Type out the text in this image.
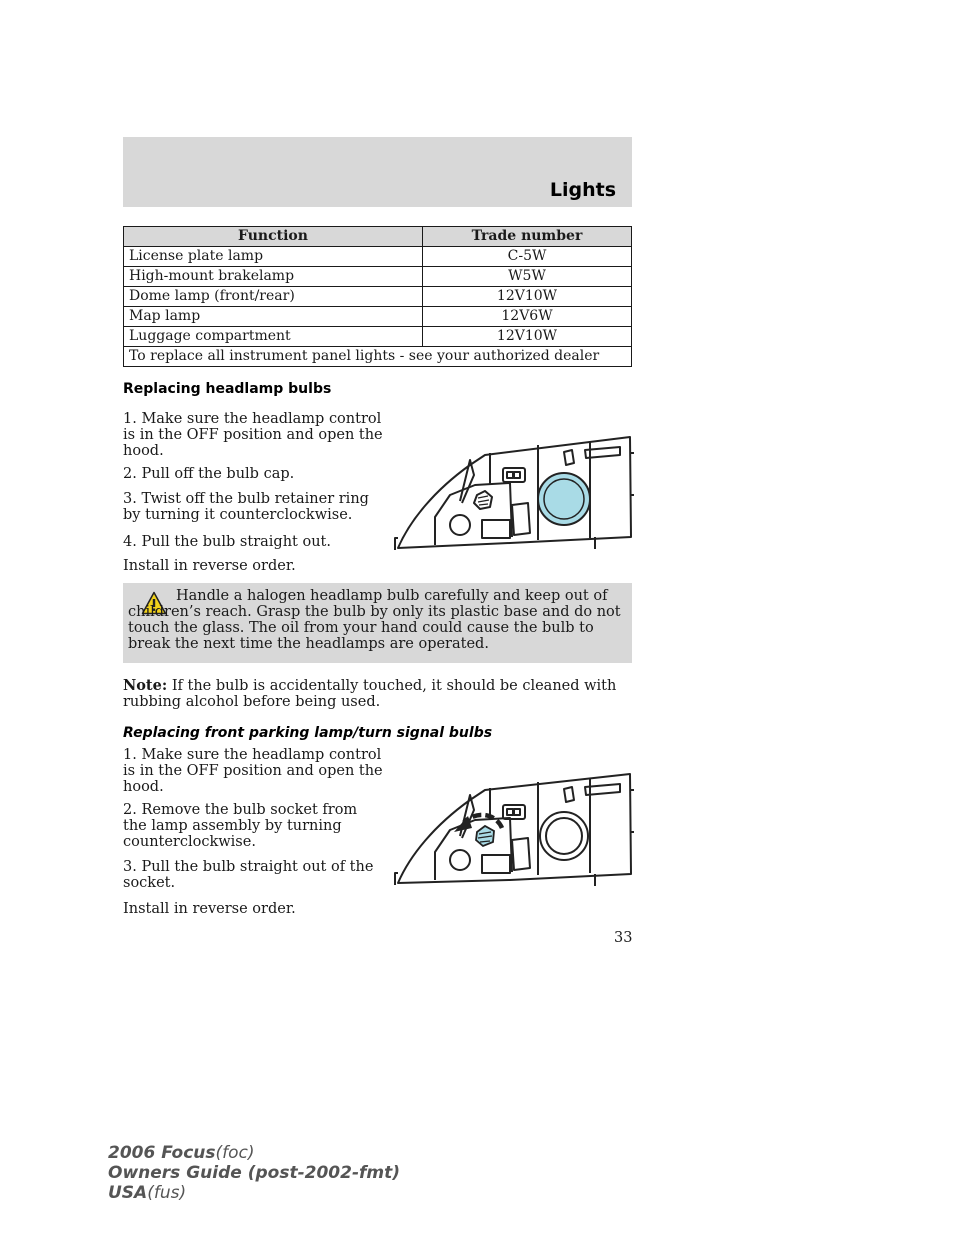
Lights
Function	Trade number
License plate lamp	C-5W
High-mount brakelamp	W5W
Dome lamp (front/rear)	12V10W
Map lamp	12V6W
Luggage compartment	12V10W
To replace all instrument panel lights - see your authorized dealer	
Replacing headlamp bulbs

1. Make sure the headlamp control is in the OFF position and open the hood.

2. Pull off the bulb cap.

3. Twist off the bulb retainer ring by turning it counterclockwise.

4. Pull the bulb straight out.

Install in reverse order.

Handle a halogen headlamp bulb carefully and keep out of children’s reach. Grasp the bulb by only its plastic base and do not touch the glass. The oil from your hand could cause the bulb to break the next time the headlamps are operated.

Note: If the bulb is accidentally touched, it should be cleaned with rubbing alcohol before being used.

Replacing front parking lamp/turn signal bulbs

1. Make sure the headlamp control is in the OFF position and open the hood.

2. Remove the bulb socket from the lamp assembly by turning counterclockwise.

3. Pull the bulb straight out of the socket.

Install in reverse order.

33
2006 Focus(foc)
Owners Guide (post-2002-fmt)
USA(fus)
